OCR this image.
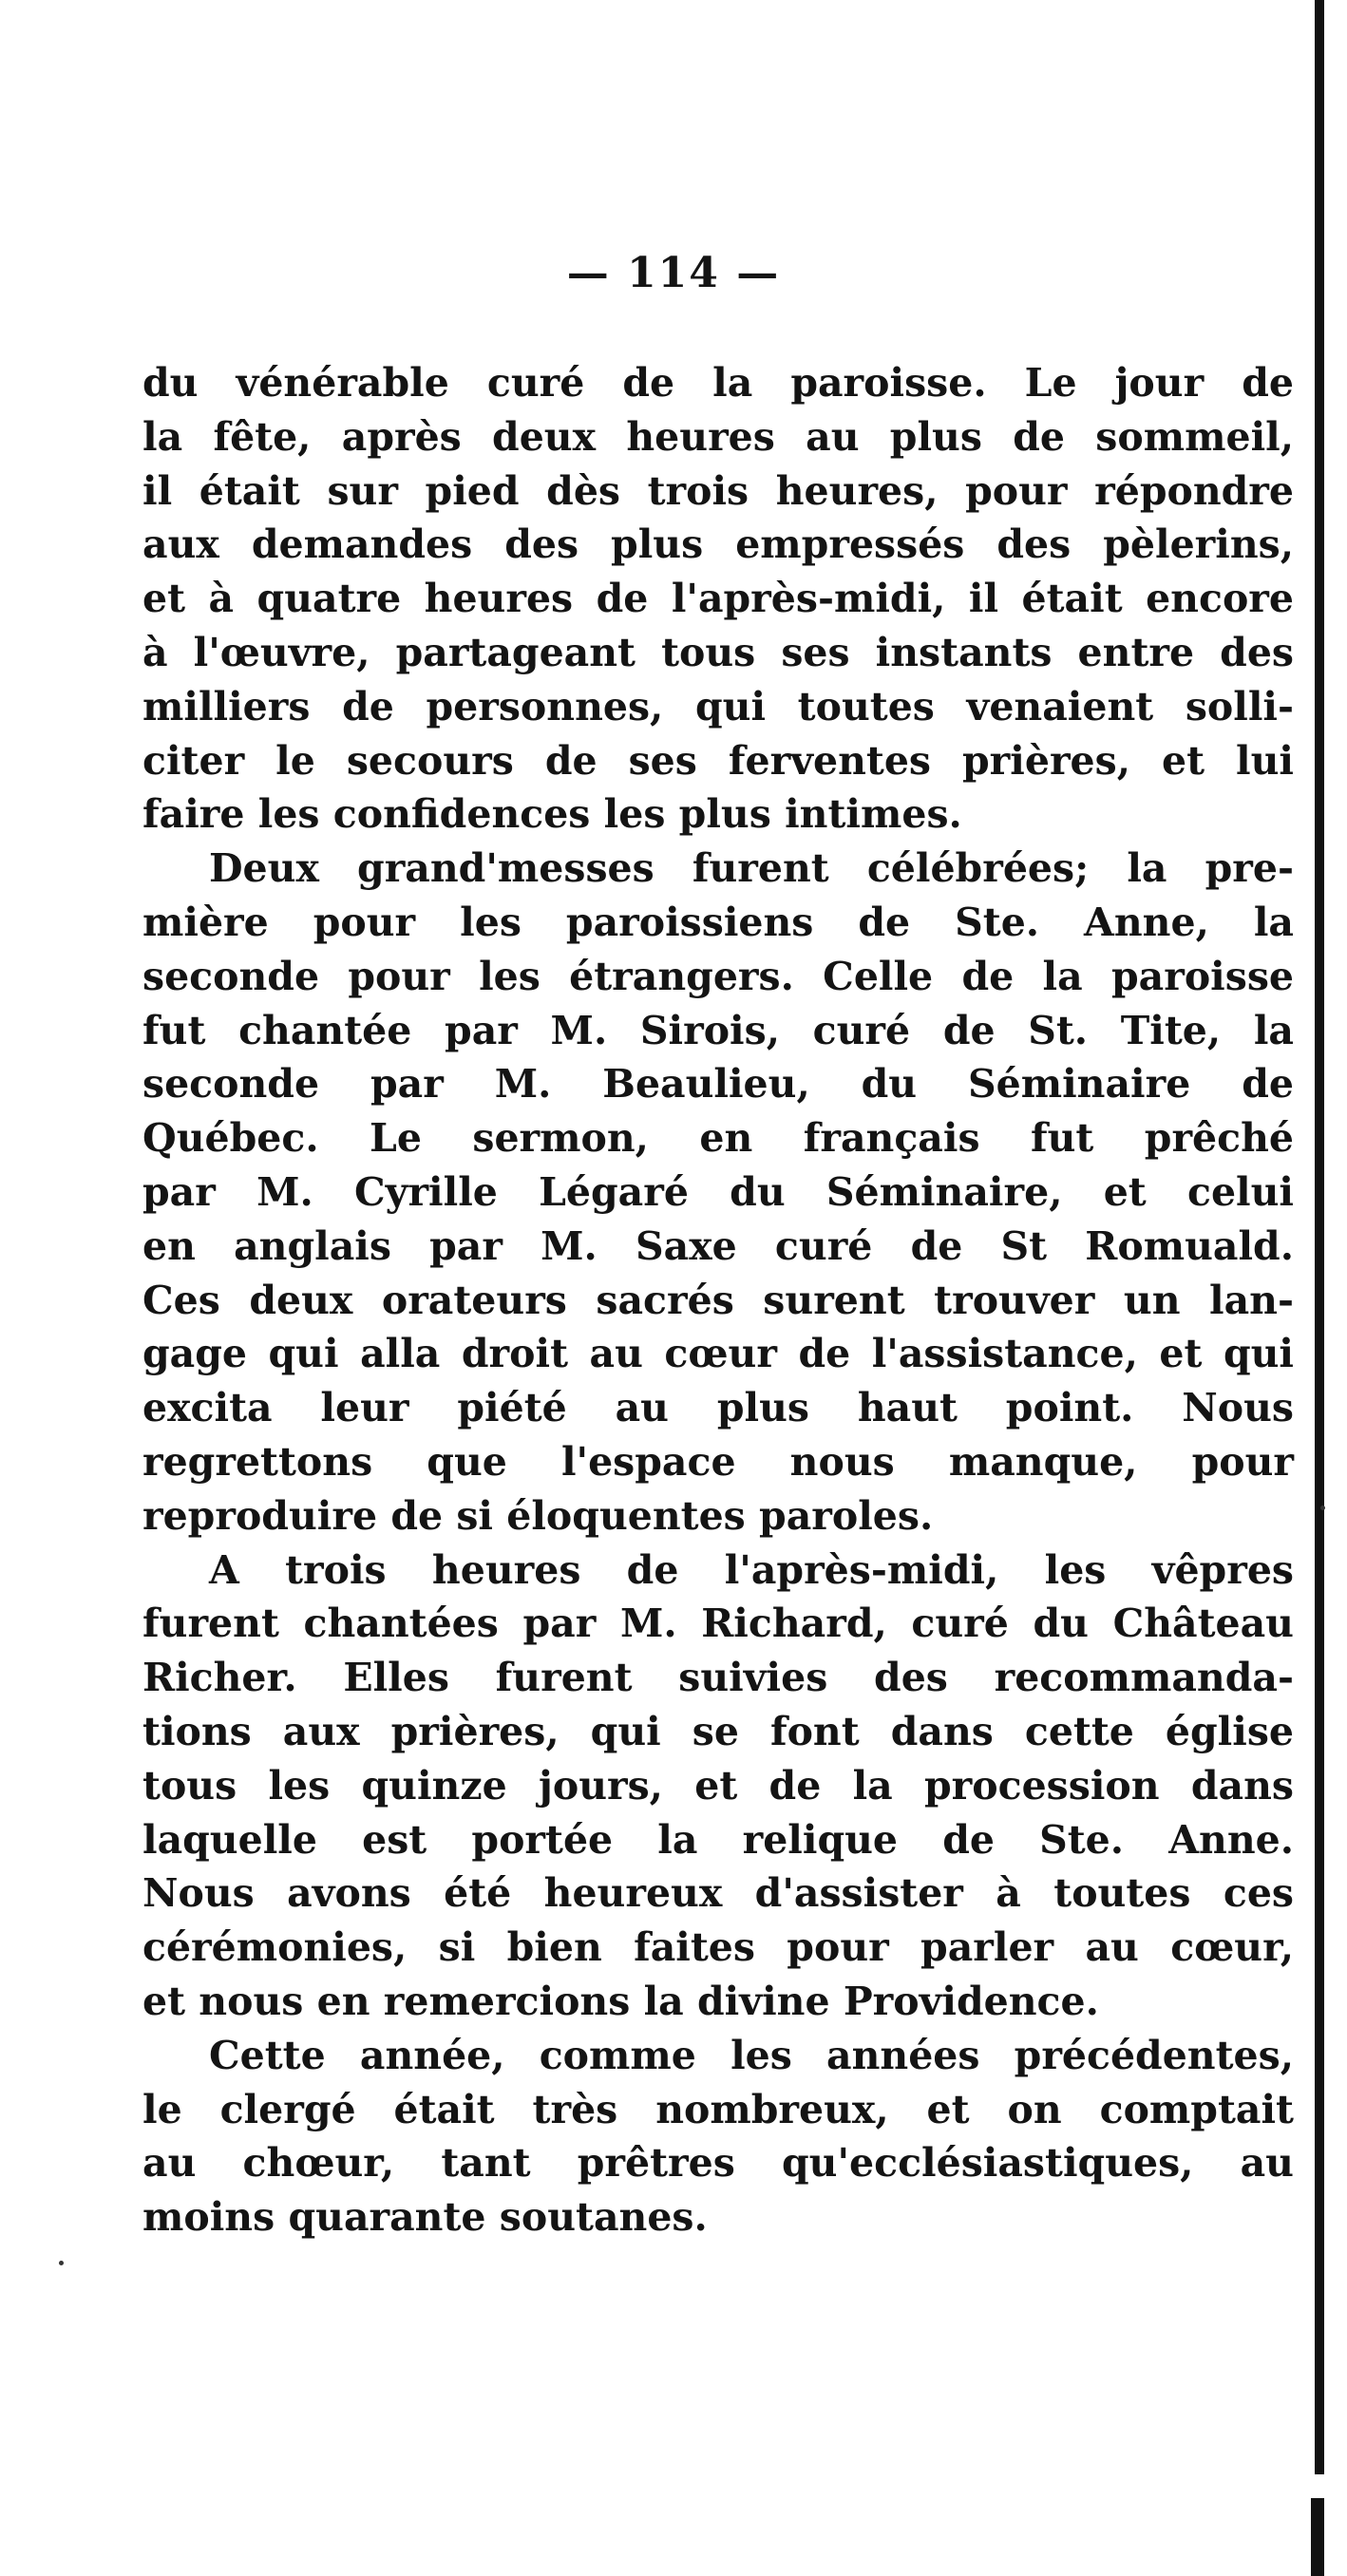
— 114 —
du vénérable curé de la paroisse. Le jour de
la fête, après deux heures au plus de sommeil,
il était sur pied dès trois heures, pour répondre
aux demandes des plus empressés des pèlerins,
et à quatre heures de l'après-midi, il était encore
à l'œuvre, partageant tous ses instants entre des
milliers de personnes, qui toutes venaient solli-
citer le secours de ses ferventes prières, et lui
faire les confidences les plus intimes.
Deux grand'messes furent célébrées; la pre-
mière pour les paroissiens de Ste. Anne, la
seconde pour les étrangers. Celle de la paroisse
fut chantée par M. Sirois, curé de St. Tite, la
seconde par M. Beaulieu, du Séminaire de
Québec. Le sermon, en français fut prêché
par M. Cyrille Légaré du Séminaire, et celui
en anglais par M. Saxe curé de St Romuald.
Ces deux orateurs sacrés surent trouver un lan-
gage qui alla droit au cœur de l'assistance, et qui
excita leur piété au plus haut point. Nous
regrettons que l'espace nous manque, pour
reproduire de si éloquentes paroles.
A trois heures de l'après-midi, les vêpres
furent chantées par M. Richard, curé du Château
Richer. Elles furent suivies des recommanda-
tions aux prières, qui se font dans cette église
tous les quinze jours, et de la procession dans
laquelle est portée la relique de Ste. Anne.
Nous avons été heureux d'assister à toutes ces
cérémonies, si bien faites pour parler au cœur,
et nous en remercions la divine Providence.
Cette année, comme les années précédentes,
le clergé était très nombreux, et on comptait
au chœur, tant prêtres qu'ecclésiastiques, au
moins quarante soutanes.
